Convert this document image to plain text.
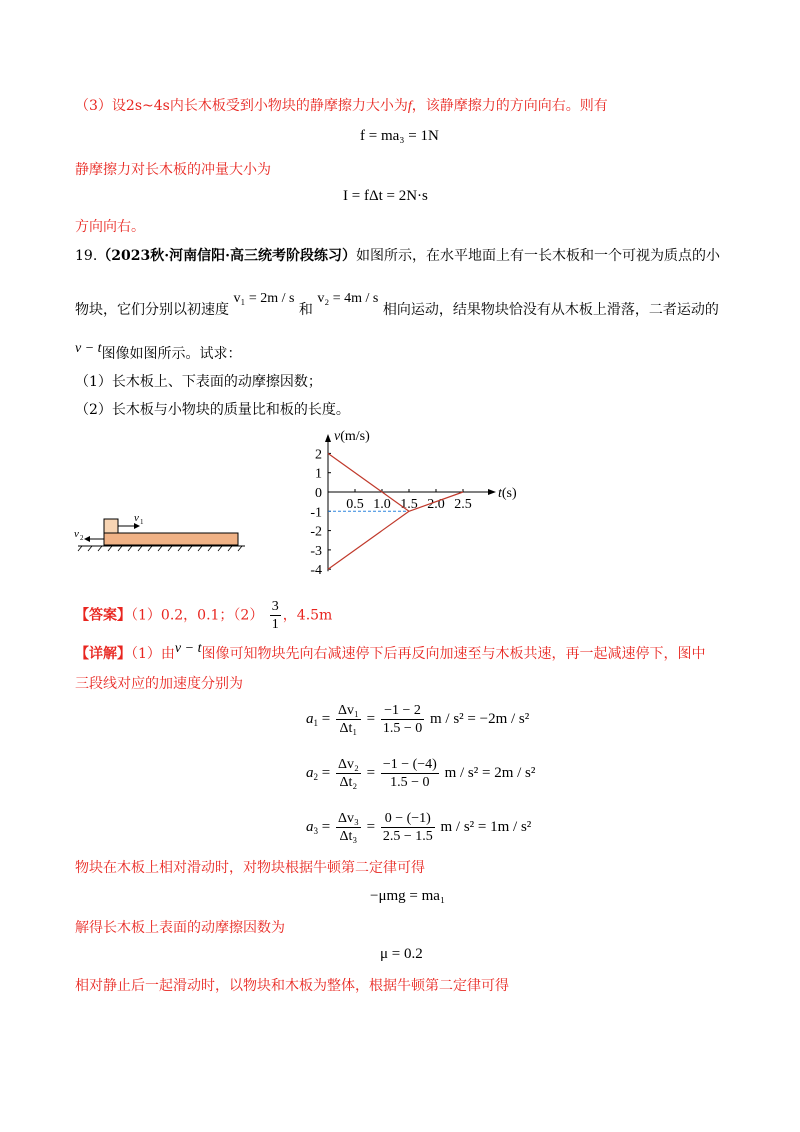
（3）设2s~4s内长木板受到小物块的静摩擦力大小为f，该静摩擦力的方向向右。则有
f = ma₃ = 1N
静摩擦力对长木板的冲量大小为
I = fΔt = 2N·s
方向向右。
19.（2023秋·河南信阳·高三统考阶段练习）如图所示，在水平地面上有一长木板和一个可视为质点的小
物块，它们分别以初速度 v₁ = 2m / s 和 v₂ = 4m / s 相向运动，结果物块恰没有从木板上滑落，二者运动的
v − t图像如图所示。试求：
（1）长木板上、下表面的动摩擦因数；
（2）长木板与小物块的质量比和板的长度。
v 1
v 2
v(m/s)
t(s)
2
1
0
-1
-2
-3
-4
0.5 1.0 1.5 2.0 2.5
【答案】（1）0.2，0.1；$(2) \frac{3}{1}$ ，4.5m
【详解】（1）由v − t图像可知物块先向右减速停下后再反向加速至与木板共速，再一起减速停下，图中
三段线对应的加速度分别为
$a_1 = \frac{\text{Δv₁}}{\text{Δt₁}} = \frac{-1 - 2}{1.5 - 0}$ m / s² = −2m / s²
$a_2 = \frac{\text{Δv₂}}{\text{Δt₂}} = \frac{-1 - (-4)}{1.5 - 0}$ m / s² = 2m / s²
$a_3 = \frac{\text{Δv₃}}{\text{Δt₃}} = \frac{0 - (-1)}{2.5 - 1.5}$ m / s² = 1m / s²
物块在木板上相对滑动时，对物块根据牛顿第二定律可得
−μmg = ma₁
解得长木板上表面的动摩擦因数为
μ = 0.2
相对静止后一起滑动时，以物块和木板为整体，根据牛顿第二定律可得
